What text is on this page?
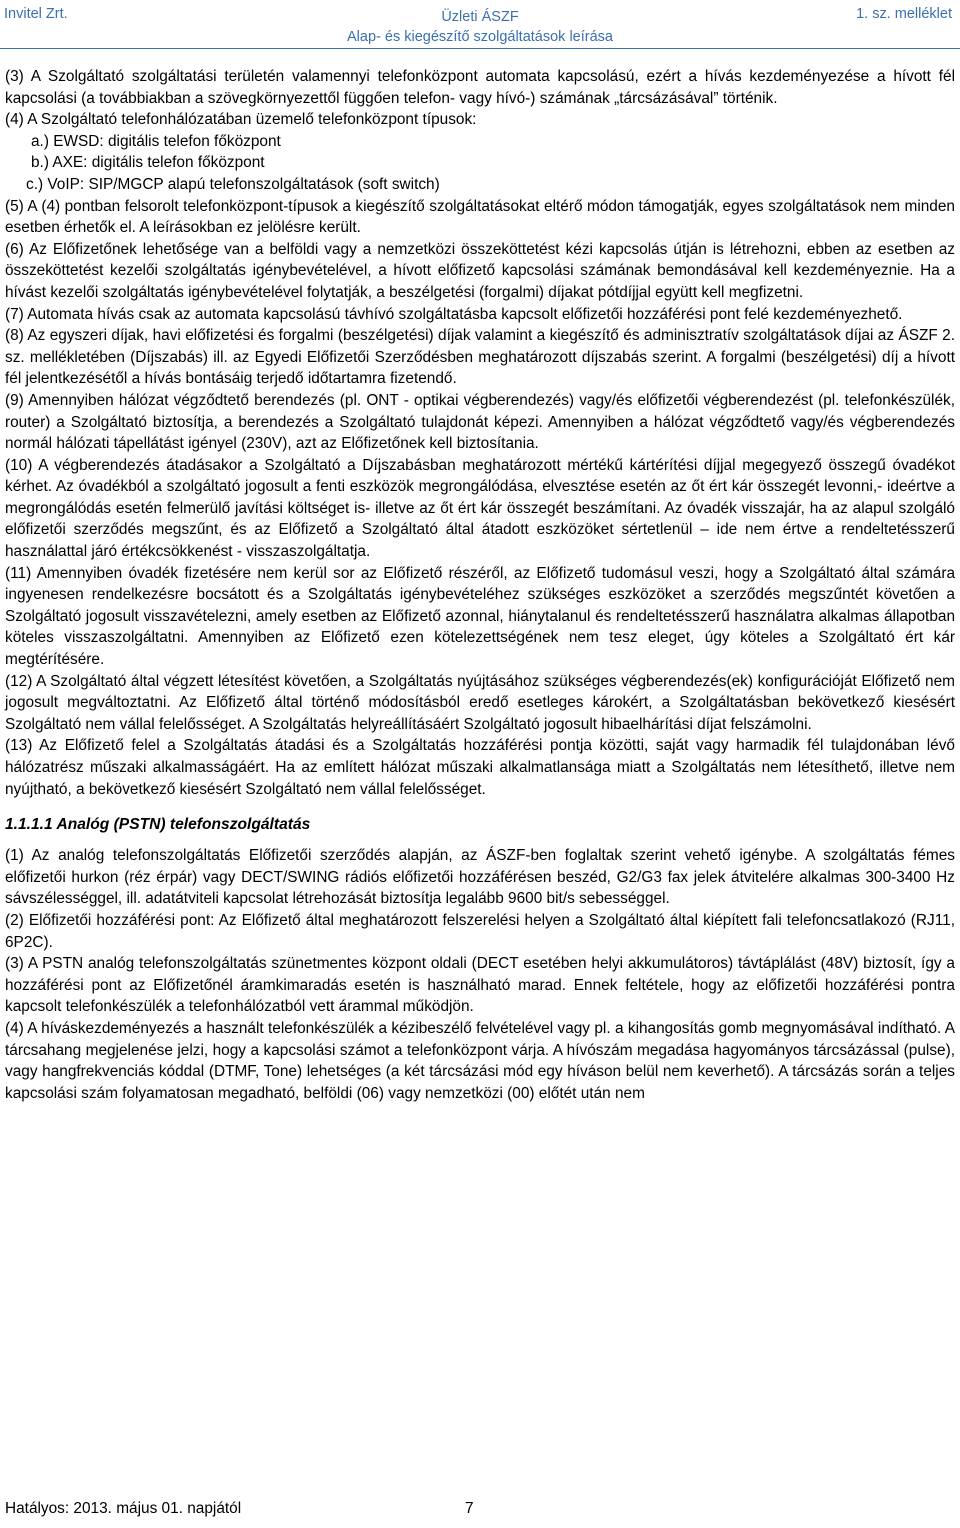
Invitel Zrt.	Üzleti ÁSZF
Alap- és kiegészítő szolgáltatások leírása
1. sz. melléklet

(3) A Szolgáltató szolgáltatási területén valamennyi telefonközpont automata kapcsolású, ezért a hívás kezdeményezése a hívott fél kapcsolási (a továbbiakban a szövegkörnyezettől függően telefon- vagy hívó-) számának „tárcsázásával” történik.

(4) A Szolgáltató telefonhálózatában üzemelő telefonközpont típusok:

a.) EWSD: digitális telefon főközpont

b.) AXE: digitális telefon főközpont

c.) VoIP: SIP/MGCP alapú telefonszolgáltatások (soft switch)

(5) A (4) pontban felsorolt telefonközpont-típusok a kiegészítő szolgáltatásokat eltérő módon támogatják, egyes szolgáltatások nem minden esetben érhetők el. A leírásokban ez jelölésre került.

(6) Az Előfizetőnek lehetősége van a belföldi vagy a nemzetközi összeköttetést kézi kapcsolás útján is létrehozni, ebben az esetben az összeköttetést kezelői szolgáltatás igénybevételével, a hívott előfizető kapcsolási számának bemondásával kell kezdeményeznie. Ha a hívást kezelői szolgáltatás igénybevételével folytatják, a beszélgetési (forgalmi) díjakat pótdíjjal együtt kell megfizetni.

(7) Automata hívás csak az automata kapcsolású távhívó szolgáltatásba kapcsolt előfizetői hozzáférési pont felé kezdeményezhető.

(8) Az egyszeri díjak, havi előfizetési és forgalmi (beszélgetési) díjak valamint a kiegészítő és adminisztratív szolgáltatások díjai az ÁSZF 2. sz. mellékletében (Díjszabás) ill. az Egyedi Előfizetői Szerződésben meghatározott díjszabás szerint. A forgalmi (beszélgetési) díj a hívott fél jelentkezésétől a hívás bontásáig terjedő időtartamra fizetendő.

(9) Amennyiben hálózat végződtető berendezés (pl. ONT - optikai végberendezés) vagy/és előfizetői végberendezést (pl. telefonkészülék, router) a Szolgáltató biztosítja, a berendezés a Szolgáltató tulajdonát képezi. Amennyiben a hálózat végződtető vagy/és végberendezés normál hálózati tápellátást igényel (230V), azt az Előfizetőnek kell biztosítania.

(10) A végberendezés átadásakor a Szolgáltató a Díjszabásban meghatározott mértékű kártérítési díjjal megegyező összegű óvadékot kérhet. Az óvadékból a szolgáltató jogosult a fenti eszközök megrongálódása, elvesztése esetén az őt ért kár összegét levonni,- ideértve a megrongálódás esetén felmerülő javítási költséget is- illetve az őt ért kár összegét beszámítani. Az óvadék visszajár, ha az alapul szolgáló előfizetői szerződés megszűnt, és az Előfizető a Szolgáltató által átadott eszközöket sértetlenül – ide nem értve a rendeltetésszerű használattal járó értékcsökkenést - visszaszolgáltatja.

(11) Amennyiben óvadék fizetésére nem kerül sor az Előfizető részéről, az Előfizető tudomásul veszi, hogy a Szolgáltató által számára ingyenesen rendelkezésre bocsátott és a Szolgáltatás igénybevételéhez szükséges eszközöket a szerződés megszűntét követően a Szolgáltató jogosult visszavételezni, amely esetben az Előfizető azonnal, hiánytalanul és rendeltetésszerű használatra alkalmas állapotban köteles visszaszolgáltatni. Amennyiben az Előfizető ezen kötelezettségének nem tesz eleget, úgy köteles a Szolgáltató ért kár megtérítésére.

(12) A Szolgáltató által végzett létesítést követően, a Szolgáltatás nyújtásához szükséges végberendezés(ek) konfigurációját Előfizető nem jogosult megváltoztatni. Az Előfizető által történő módosításból eredő esetleges károkért, a Szolgáltatásban bekövetkező kiesésért Szolgáltató nem vállal felelősséget. A Szolgáltatás helyreállításáért Szolgáltató jogosult hibaelhárítási díjat felszámolni.

(13) Az Előfizető felel a Szolgáltatás átadási és a Szolgáltatás hozzáférési pontja közötti, saját vagy harmadik fél tulajdonában lévő hálózatrész műszaki alkalmasságáért. Ha az említett hálózat műszaki alkalmatlansága miatt a Szolgáltatás nem létesíthető, illetve nem nyújtható, a bekövetkező kiesésért Szolgáltató nem vállal felelősséget.

1.1.1.1 Analóg (PSTN) telefonszolgáltatás

(1) Az analóg telefonszolgáltatás Előfizetői szerződés alapján, az ÁSZF-ben foglaltak szerint vehető igénybe. A szolgáltatás fémes előfizetői hurkon (réz érpár) vagy DECT/SWING rádiós előfizetői hozzáférésen beszéd, G2/G3 fax jelek átvitelére alkalmas 300-3400 Hz sávszélességgel, ill. adatátviteli kapcsolat létrehozását biztosítja legalább 9600 bit/s sebességgel.

(2) Előfizetői hozzáférési pont: Az Előfizető által meghatározott felszerelési helyen a Szolgáltató által kiépített fali telefoncsatlakozó (RJ11, 6P2C).

(3) A PSTN analóg telefonszolgáltatás szünetmentes központ oldali (DECT esetében helyi akkumulátoros) távtáplálást (48V) biztosít, így a hozzáférési pont az Előfizetőnél áramkimaradás esetén is használható marad. Ennek feltétele, hogy az előfizetői hozzáférési pontra kapcsolt telefonkészülék a telefonhálózatból vett árammal működjön.

(4) A híváskezdeményezés a használt telefonkészülék a kézibeszélő felvételével vagy pl. a kihangosítás gomb megnyomásával indítható. A tárcsahang megjelenése jelzi, hogy a kapcsolási számot a telefonközpont várja. A hívószám megadása hagyományos tárcsázással (pulse), vagy hangfrekvenciás kóddal (DTMF, Tone) lehetséges (a két tárcsázási mód egy híváson belül nem keverhető). A tárcsázás során a teljes kapcsolási szám folyamatosan megadható, belföldi (06) vagy nemzetközi (00) előtét után nem

Hatályos: 2013. május 01. napjától	7
